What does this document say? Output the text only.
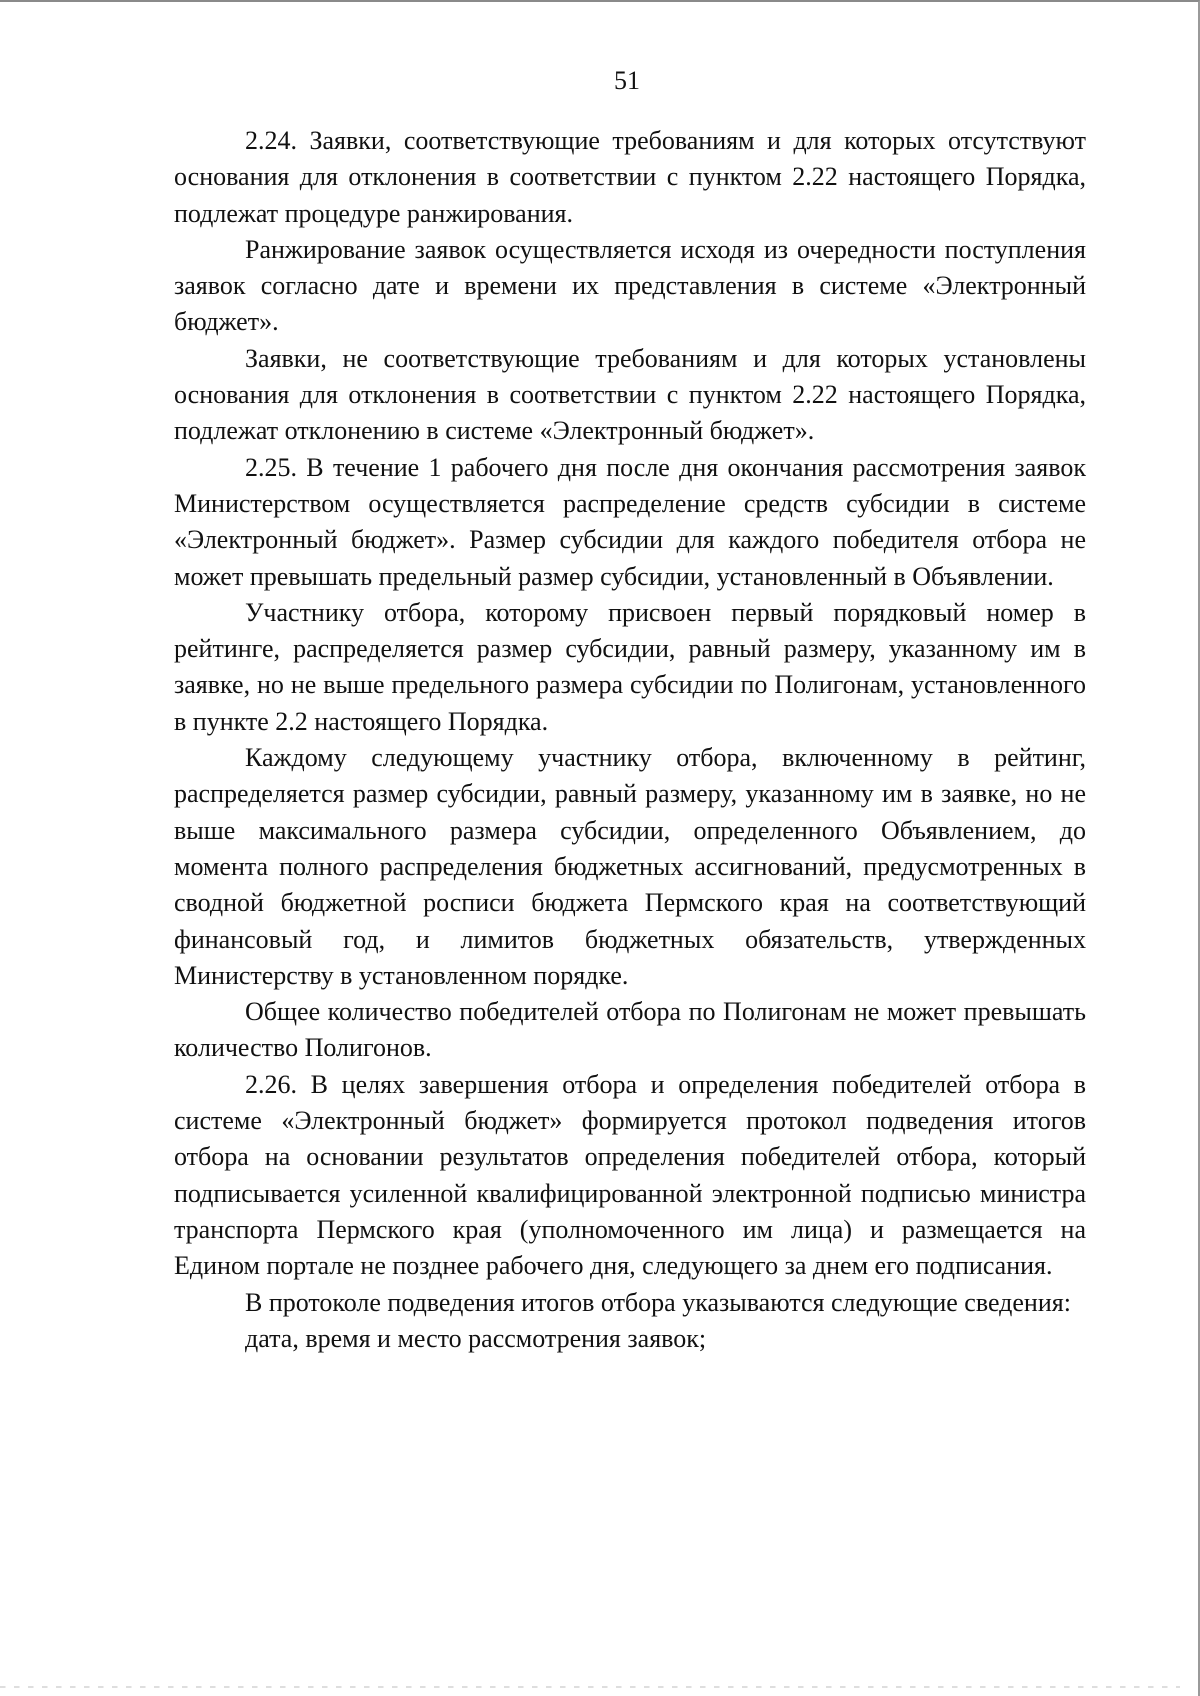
51

2.24. Заявки, соответствующие требованиям и для которых отсутствуют основания для отклонения в соответствии с пунктом 2.22 настоящего Порядка, подлежат процедуре ранжирования.

Ранжирование заявок осуществляется исходя из очередности поступления заявок согласно дате и времени их представления в системе «Электронный бюджет».

Заявки, не соответствующие требованиям и для которых установлены основания для отклонения в соответствии с пунктом 2.22 настоящего Порядка, подлежат отклонению в системе «Электронный бюджет».

2.25. В течение 1 рабочего дня после дня окончания рассмотрения заявок Министерством осуществляется распределение средств субсидии в системе «Электронный бюджет». Размер субсидии для каждого победителя отбора не может превышать предельный размер субсидии, установленный в Объявлении.

Участнику отбора, которому присвоен первый порядковый номер в рейтинге, распределяется размер субсидии, равный размеру, указанному им в заявке, но не выше предельного размера субсидии по Полигонам, установленного в пункте 2.2 настоящего Порядка.

Каждому следующему участнику отбора, включенному в рейтинг, распределяется размер субсидии, равный размеру, указанному им в заявке, но не выше максимального размера субсидии, определенного Объявлением, до момента полного распределения бюджетных ассигнований, предусмотренных в сводной бюджетной росписи бюджета Пермского края на соответствующий финансовый год, и лимитов бюджетных обязательств, утвержденных Министерству в установленном порядке.

Общее количество победителей отбора по Полигонам не может превышать количество Полигонов.

2.26. В целях завершения отбора и определения победителей отбора в системе «Электронный бюджет» формируется протокол подведения итогов отбора на основании результатов определения победителей отбора, который подписывается усиленной квалифицированной электронной подписью министра транспорта Пермского края (уполномоченного им лица) и размещается на Едином портале не позднее рабочего дня, следующего за днем его подписания.

В протоколе подведения итогов отбора указываются следующие сведения:

дата, время и место рассмотрения заявок;
